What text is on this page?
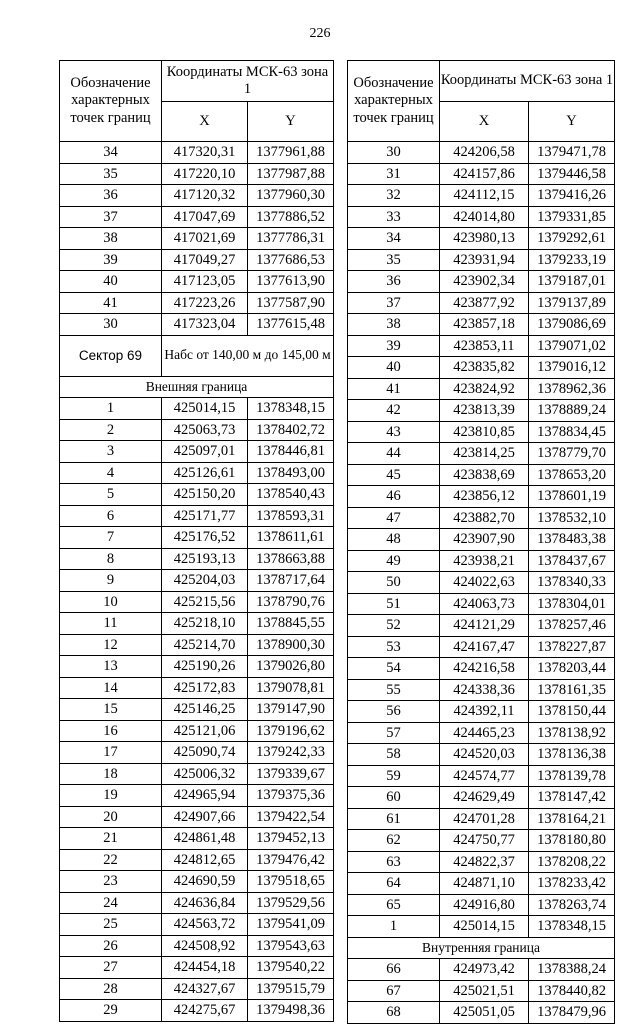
226
Обозначение характерных точек границ	Координаты МСК-63 зона 1	
	X	Y
34	417320,31	1377961,88
35	417220,10	1377987,88
36	417120,32	1377960,30
37	417047,69	1377886,52
38	417021,69	1377786,31
39	417049,27	1377686,53
40	417123,05	1377613,90
41	417223,26	1377587,90
30	417323,04	1377615,48
Сектор 69	Набс от 140,00 м до 145,00 м	
Внешняя граница		
1	425014,15	1378348,15
2	425063,73	1378402,72
3	425097,01	1378446,81
4	425126,61	1378493,00
5	425150,20	1378540,43
6	425171,77	1378593,31
7	425176,52	1378611,61
8	425193,13	1378663,88
9	425204,03	1378717,64
10	425215,56	1378790,76
11	425218,10	1378845,55
12	425214,70	1378900,30
13	425190,26	1379026,80
14	425172,83	1379078,81
15	425146,25	1379147,90
16	425121,06	1379196,62
17	425090,74	1379242,33
18	425006,32	1379339,67
19	424965,94	1379375,36
20	424907,66	1379422,54
21	424861,48	1379452,13
22	424812,65	1379476,42
23	424690,59	1379518,65
24	424636,84	1379529,56
25	424563,72	1379541,09
26	424508,92	1379543,63
27	424454,18	1379540,22
28	424327,67	1379515,79
29	424275,67	1379498,36
Обозначение характерных точек границ	Координаты МСК-63 зона 1	
	X	Y
30	424206,58	1379471,78
31	424157,86	1379446,58
32	424112,15	1379416,26
33	424014,80	1379331,85
34	423980,13	1379292,61
35	423931,94	1379233,19
36	423902,34	1379187,01
37	423877,92	1379137,89
38	423857,18	1379086,69
39	423853,11	1379071,02
40	423835,82	1379016,12
41	423824,92	1378962,36
42	423813,39	1378889,24
43	423810,85	1378834,45
44	423814,25	1378779,70
45	423838,69	1378653,20
46	423856,12	1378601,19
47	423882,70	1378532,10
48	423907,90	1378483,38
49	423938,21	1378437,67
50	424022,63	1378340,33
51	424063,73	1378304,01
52	424121,29	1378257,46
53	424167,47	1378227,87
54	424216,58	1378203,44
55	424338,36	1378161,35
56	424392,11	1378150,44
57	424465,23	1378138,92
58	424520,03	1378136,38
59	424574,77	1378139,78
60	424629,49	1378147,42
61	424701,28	1378164,21
62	424750,77	1378180,80
63	424822,37	1378208,22
64	424871,10	1378233,42
65	424916,80	1378263,74
1	425014,15	1378348,15
Внутренняя граница		
66	424973,42	1378388,24
67	425021,51	1378440,82
68	425051,05	1378479,96
